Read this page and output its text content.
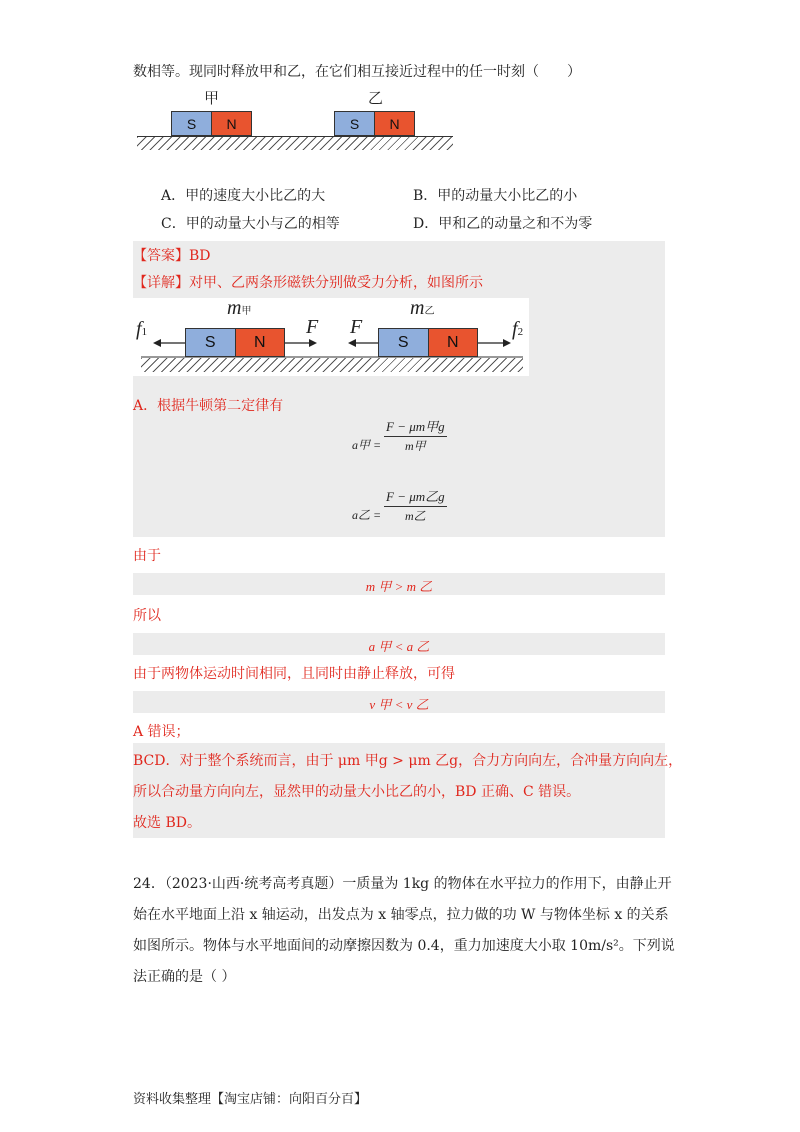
数相等。现同时释放甲和乙，在它们相互接近过程中的任一时刻（　　）
甲	乙
S	N	S	N
A．甲的速度大小比乙的大	B．甲的动量大小比乙的小
C．甲的动量大小与乙的相等	D．甲和乙的动量之和不为零
【答案】BD
【详解】对甲、乙两条形磁铁分别做受力分析，如图所示
m甲	m乙
S	N	S	N
f1	F F	f2
A．根据牛顿第二定律有
a甲 =
F − μm甲g
m甲
a乙 =
F − μm乙g
m乙
由于
m 甲 > m 乙
所以
a 甲 < a 乙
由于两物体运动时间相同，且同时由静止释放，可得
v 甲 < v 乙
A 错误；
BCD．对于整个系统而言，由于 μm 甲g > μm 乙g，合力方向向左，合冲量方向向左，
所以合动量方向向左，显然甲的动量大小比乙的小，BD 正确、C 错误。
故选 BD。
24．（2023·山西·统考高考真题）一质量为 1kg 的物体在水平拉力的作用下，由静止开
始在水平地面上沿 x 轴运动，出发点为 x 轴零点，拉力做的功 W 与物体坐标 x 的关系
如图所示。物体与水平地面间的动摩擦因数为 0.4，重力加速度大小取 10m/s²。下列说
法正确的是（ ）
资料收集整理【淘宝店铺：向阳百分百】
